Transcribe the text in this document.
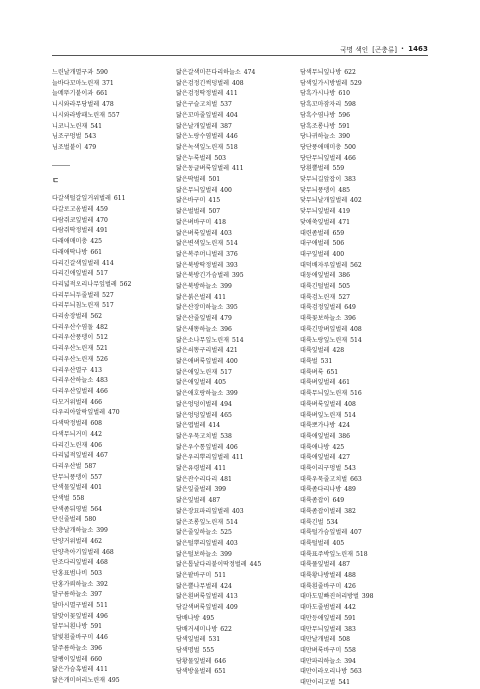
국명 색인 [곤충류] • 1463
느린날개멸구과 590
늘바다꼬마노린재 371
늘메뚜기붙이과 661
니시와라무당벌레 478
니시와라방패노린재 557
니코니노린재 541
님조구멍벌 543
님조벌붙이 479
ㄷ
다갈색털갈잎거위벌레 611
다갈로고옴벌레 459
다람쥐코잎벌레 470
다람쥐딱정벌레 491
다래애매미충 425
다래애딱나방 661
다리긴갈색잎벌레 414
다리긴애잎벌레 517
다리넓적오리나무잎벌레 562
다리무늬두줄벌레 527
다리무늬침노린재 517
다리송장벌레 562
다리우산수염돌 482
다리우산풍뎅이 512
다리우산노린재 521
다리우산노린재 526
다리우산멸구 413
다리우산하늘소 483
다리우산잎벌레 466
다모거위벌레 466
다우리아알락잎벌레 470
다색딱정벌레 608
다색무늬거미 442
다리긴노린재 406
다리넓적잎벌레 467
다리우산벌 587
단무늬풍뎅이 557
단색물잎벌레 401
단색벌 558
단색좀뒤영벌 564
단신줄벌레 580
단층날개하늘소 399
단양거위벌레 462
단양측아기잎벌레 468
단조다리잎벌레 468
단홍표범나비 503
단홍가뢰하늘소 392
달구름하늘소 397
달마시멸구벌레 511
달맞이꽃잎벌레 496
달무늬흰나방 591
달빛흰줄바구미 446
달주름하늘소 396
달팽이잎벌레 660
닮은가슴혹벌레 411
닮은개미허리노린재 495
닮은갈색미끈다리하늘소 474
닮은검정긴썩덩벌레 408
닮은검정딱정벌레 411
닮은구슬고치벌 537
닮은꼬마줄잎벌레 404
닮은날개잎벌레 387
닮은노랑수염벌레 446
닮은녹색잎노린재 518
닮은누룩벌레 503
닮은동글벼룩잎벌레 411
닮은딱벌레 501
닮은무늬잎벌레 400
닮은바구미 415
닮은벌벌레 507
닮은벼바구미 418
닮은벼룩잎벌레 403
닮은변색잎노린재 514
닮은복주머니벌레 376
닮은북방딱정벌레 393
닮은북방긴가슴벌레 395
닮은북방하늘소 399
닮은붉은벌레 411
닮은산장미하늘소 395
닮은산줄잎벌레 479
닮은새똥하늘소 396
닮은소나무잎노린재 514
닮은쇠똥구리벌레 421
닮은애벼룩잎벌레 400
닮은애잎노린재 517
닮은애잎벌레 405
닮은애호랑하늘소 399
닮은엉덩이벌레 494
닮은엉덩잎벌레 465
닮은엽벌레 414
닮은우묵고치벌 538
닮은우수통잎벌레 406
닮은우리뿌리잎벌레 411
닮은유령벌레 411
닮은잔수리다리 481
닮은잎줄벌레 399
닮은잎벌레 487
닮은장묘파리잎벌레 403
닮은조롱잎노린재 514
닮은줄잎하늘소 525
닮은털뿌리잎벌레 403
닮은털보하늘소 399
닮은톱날다리붙이딱정벌레 445
닮은팥바구미 511
닮은뿔나무벌레 424
닮은흰벼룩잎벌레 413
담갈색벼룩잎벌레 409
담배나방 495
담배거세미나방 622
담색잎벌레 531
담색명벌 555
담황물잎벌레 646
담색방울벌레 651
담색무늬잎나방 622
담색잎가시방벌레 529
담흑가시나방 610
담흑꼬마잠자리 598
담흑수염나방 596
담흑조롱나방 591
당나귀하늘소 390
당단풍애매미충 500
당단무늬잎벌레 466
당흰뿔벌레 559
닻무늬길앞잡이 383
닻무늬풍뎅이 485
닻무늬날개잎벌레 402
닻무늬잎벌레 419
닻애쑥잎벌레 471
대련좀벌레 659
대구애벌레 506
대구잎벌레 400
대덕배자루잎벌레 562
대둥애잎벌레 386
대륙긴털벌레 505
대륙검노린재 527
대륙검정잎벌레 649
대륙꽃보하늘소 396
대륙긴망벼잎벌레 408
대륙노랑잎노린재 514
대륙잎벌레 428
대륙벌 531
대륙벼룩 651
대륙벼잎벌레 461
대륙무늬잎노린재 516
대륙벼룩잎벌레 408
대륙벼잎노린재 514
대륙뽀가나방 424
대륙애잎벌레 386
대륙애나방 425
대륙애잎벌레 427
대륙이리구멍벌 543
대륙우묵줄고치벌 663
대륙좀다리나방 489
대륙좀잡이 649
대륙좀잡이벌레 382
대륙긴벌 534
대륙털가슴잎벌레 407
대륙털벌레 405
대륙표주박잎노린재 518
대륙풀잎벌레 487
대륙황나방벌레 488
대륙흰줄바구미 426
대마도밑빠진허리방벌 398
대마도줄범벌레 442
대만등애잎벌레 591
대만무늬잎벌레 383
대만날개벌레 508
대만벼룩바구미 558
대만파리하늘소 394
대만이라오리나방 563
대만이리고벌 541
